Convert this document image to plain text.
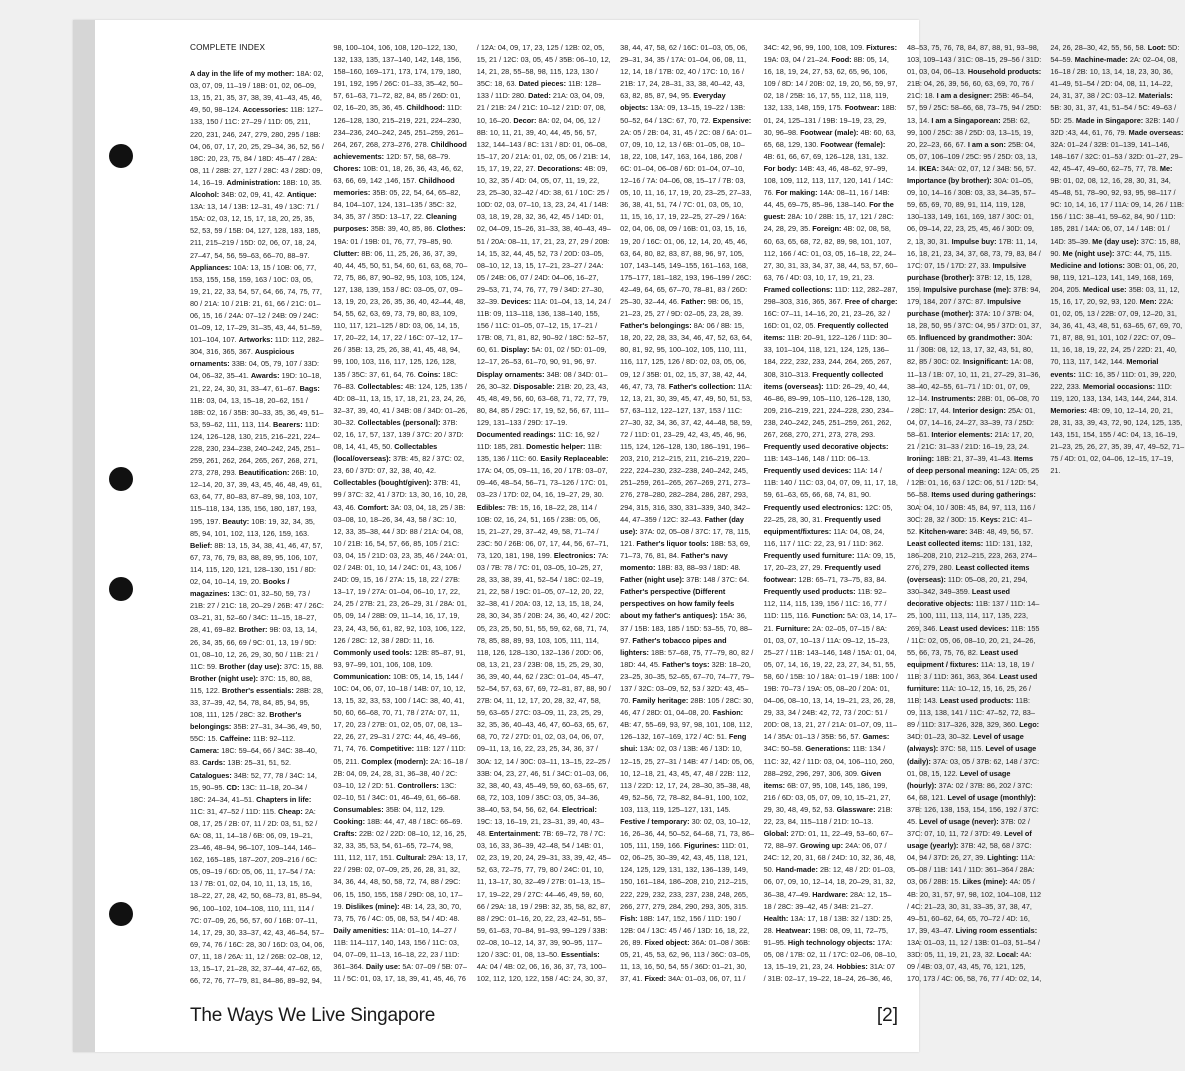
COMPLETE INDEX
A day in the life of my mother: 18A: 02, 03, 07, 09, 11–19 / 18B: 01, 02, 06–09, 13, 15, 21, 35, 37, 38, 39, 41–43, 45, 46, 49, 50, 98–124. Accessories: 11B: 127–133, 150 / 11C: 27–29 / 11D: 05, 211, 220, 231, 246, 247, 279, 280, 295 / 18B: 04, 06, 07, 17, 20, 25, 29–34, 36, 52, 56 / 18C: 20, 23, 75, 84 / 18D: 45–47 / 28A: 08, 11 / 28B: 27, 127 / 28C: 43 / 28D: 09, 14, 16–19. Administration: 18B: 10, 35. Alcohol: 34B: 02, 09, 41, 42. Antique: 13A: 13, 14 / 13B: 12–31, 49 / 13C: 71 / 15A: 02, 03, 12, 15, 17, 18, 20, 25, 35, 52, 53, 59 / 15B: 04, 127, 128, 183, 185, 211, 215–219 / 15D: 02, 06, 07, 18, 24, 27–47, 54, 56, 59–63, 66–70, 88–97. Appliances: 10A: 13, 15 / 10B: 06, 77, 153, 155, 158, 159, 163 / 10C: 03, 05, 19, 21, 22, 33, 54, 57, 64, 66, 74, 75, 77, 80 / 21A: 10 / 21B: 21, 61, 66 / 21C: 01–06, 15, 16 / 24A: 07–12 / 24B: 09 / 24C: 01–09, 12, 17–29, 31–35, 43, 44, 51–59, 101–104, 107. Artworks: 11D: 112, 282–304, 316, 365, 367. Auspicious ornaments: 33B: 04, 05, 79, 107 / 33D: 04, 06–32, 35–41. Awards: 19D: 10–18, 21, 22, 24, 30, 31, 33–47, 61–67. Bags: 11B: 03, 04, 13, 15–18, 20–62, 151 / 18B: 02, 16 / 35B: 30–33, 35, 36, 49, 51–53, 59–62, 111, 113, 114. Bearers: 11D: 124, 126–128, 130, 215, 216–221, 224–228, 230, 234–238, 240–242, 245, 251–259, 261, 262, 264, 265, 267, 268, 271, 273, 278, 293. Beautification: 26B: 10, 12–14, 20, 37, 39, 43, 45, 46, 48, 49, 61, 63, 64, 77, 80–83, 87–89, 98, 103, 107, 115–118, 134, 135, 156, 180, 187, 193, 195, 197. Beauty: 10B: 19, 32, 34, 35, 85, 94, 101, 102, 113, 126, 159, 163. Belief: 8B: 13, 15, 34, 38, 41, 46, 47, 57, 67, 73, 76, 79, 83, 88, 89, 95, 106, 107, 114, 115, 120, 121, 128–130, 151 / 8D: 02, 04, 10–14, 19, 20. Books / magazines: 13C: 01, 32–50, 59, 73 / 21B: 27 / 21C: 18, 20–29 / 26B: 47 / 26C: 03–21, 31, 52–60 / 34C: 11–15, 18–27, 28, 41, 69–82. Brother: 9B: 03, 13, 14, 26, 34, 35, 66, 69 / 9C: 01, 13, 19 / 9D: 01, 08–10, 12, 26, 29, 30, 50 / 11B: 21 / 11C: 59. Brother (day use): 37C: 15, 88. Brother (night use): 37C: 15, 80, 88, 115, 122. Brother's essentials: 28B: 28, 33, 37–39, 42, 54, 78, 84, 85, 94, 95, 108, 111, 125 / 28C: 32. Brother's belongings: 35B: 27–31, 34–36, 49, 50, 55C: 15. Caffeine: 11B: 92–112. Camera: 18C: 59–64, 66 / 34C: 38–40, 83. Cards: 13B: 25–31, 51, 52. Catalogues: 34B: 52, 77, 78 / 34C: 14, 15, 90–95. CD: 13C: 11–18, 20–34 / 18C: 24–34, 41–51. Chapters in life: 11C: 31, 47–52 / 11D: 115. Cheap: 2A: 08, 17, 25 / 2B: 07, 11 / 2D: 03, 51, 52 / 6A: 08, 11, 14–18 / 6B: 06, 09, 19–21, 23–46, 48–94, 96–107, 109–144, 146–162, 165–185, 187–207, 209–216 / 6C: 05, 09–19 / 6D: 05, 06, 11, 17–54 / 7A: 13 / 7B: 01, 02, 04, 10, 11, 13, 15, 16, 18–22, 27, 28, 42, 50, 68–73, 81, 85–94, 96, 100–102, 104–108, 110, 111, 114 / 7C: 07–09, 26, 56, 57, 60 / 16B: 07–11, 14, 17, 29, 30, 33–37, 42, 43, 46–54, 57–69, 74, 76 / 16C: 28, 30 / 16D: 03, 04, 06, 07, 11, 18 / 26A: 11, 12 / 26B: 02–08, 12, 13, 15–17, 21–28, 32, 37–44, 47–62, 65, 66, 72, 76, 77–79, 81, 84–86, 89–92, 94, 98, 100–104, 106, 108, 120–122, 130, 132, 133, 135, 137–140, 142, 148, 156, 158–160, 169–171, 173, 174, 179, 180, 191, 192, 195 / 26C: 01–33, 35–42, 50–57, 61–63, 71–72, 82, 84, 85 / 26D: 01, 02, 16–20, 35, 36, 45. Childhood: 11D: 126–128, 130, 215–219, 221, 224–230, 234–236, 240–242, 245, 251–259, 261–264, 267, 268, 273–276, 278. Childhood achievements: 12D: 57, 58, 68–79. Chores: 10B: 01, 18, 26, 36, 43, 46, 62, 63, 66, 69, 142 ,146, 157. Childhood memories: 35B: 05, 22, 54, 64, 65–82, 84, 104–107, 124, 131–135 / 35C: 32, 34, 35, 37 / 35D: 13–17, 22. Cleaning purposes: 35B: 39, 40, 85, 86. Clothes: 19A: 01 / 19B: 01, 76, 77, 79–85, 90. Clutter: 8B: 06, 11, 25, 26, 36, 37, 39, 40, 44, 45, 50, 51, 54, 60, 61, 63, 68, 70–72, 75, 86, 87, 90–92, 95, 103, 105, 124, 127, 138, 139, 153 / 8C: 03–05, 07, 09–13, 19, 20, 23, 26, 35, 36, 40, 42–44, 48, 54, 55, 62, 63, 69, 73, 79, 80, 83, 109, 110, 117, 121–125 / 8D: 03, 06, 14, 15, 17, 20–22, 14, 17, 22 / 16C: 07–12, 17–26 / 35B: 13, 25, 26, 38, 41, 45, 48, 94, 99, 100, 103, 116, 117, 125, 126, 128, 135 / 35C: 37, 61, 64, 76. Coins: 18C: 76–83. Collectables: 4B: 124, 125, 135 / 4D: 08–11, 13, 15, 17, 18, 21, 23, 24, 26, 32–37, 39, 40, 41 / 34B: 08 / 34D: 01–26, 30–32. Collectables (personal): 37B: 02, 16, 17, 57, 137, 139 / 37C: 20 / 37D: 08, 14, 41, 45, 50. Collectables (local/overseas): 37B: 45, 82 / 37C: 02, 23, 60 / 37D: 07, 32, 38, 40, 42. Collectables (bought/given): 37B: 41, 99 / 37C: 32, 41 / 37D: 13, 30, 16, 10, 28, 43, 46. Comfort: 3A: 03, 04, 18, 25 / 3B: 03–08, 10, 18–26, 34, 43, 58 / 3C: 10, 12, 33, 35–38, 44 / 3D: 88 / 21A: 04, 08, 10 / 21B: 16, 54, 57, 66, 85, 105 / 21C: 03, 04, 15 / 21D: 03, 23, 35, 46 / 24A: 01, 02 / 24B: 01, 10, 14 / 24C: 01, 43, 106 / 24D: 09, 15, 16 / 27A: 15, 18, 22 / 27B: 13–17, 19 / 27A: 01–04, 06–10, 17, 22, 24, 25 / 27B: 21, 23, 26–29, 31 / 28A: 01, 05, 09, 14 / 28B: 09, 11–14, 16, 17, 19, 23, 24, 43, 56, 61, 82, 92, 103, 106, 122, 126 / 28C: 12, 38 / 28D: 11, 16. Commonly used tools: 12B: 85–87, 91, 93, 97–99, 101, 106, 108, 109. Communication: 10B: 05, 14, 15, 144 / 10C: 04, 06, 07, 10–18 / 14B: 07, 10, 12, 13, 15, 32, 33, 53, 100 / 14C: 38, 40, 41, 50, 60, 66–68, 70, 71, 78 / 27A: 07, 11, 17, 20, 23 / 27B: 01, 02, 05, 07, 08, 13–22, 26, 27, 29–31 / 27C: 44, 46, 49–66, 71, 74, 76. Competitive: 11B: 127 / 11D: 05, 211. Complex (modern): 2A: 16–18 / 2B: 04, 09, 24, 28, 31, 36–38, 40 / 2C: 03–10, 12 / 2D: 51. Controllers: 13C: 02–10, 51 / 34C: 01, 46–49, 61, 66–68. Consumables: 35B: 04, 112, 129. Cooking: 18B: 44, 47, 48 / 18C: 66–69. Crafts: 22B: 02 / 22D: 08–10, 12, 16, 25, 32, 33, 35, 53, 54, 61–65, 72–74, 98, 111, 112, 117, 151. Cultural: 29A: 13, 17, 22 / 29B: 02, 07–09, 25, 26, 28, 31, 32, 34, 36, 44, 48, 50, 58, 72, 74, 88 / 29C: 06, 15, 150, 155, 158 / 29D: 08, 10, 17–19. Dislikes (mine): 4B: 14, 23, 30, 70, 73, 75, 76 / 4C: 05, 08, 53, 54 / 4D: 48. Daily amenities: 11A: 01–10, 14–27 / 11B: 114–117, 140, 143, 156 / 11C: 03, 04, 07–09, 11–13, 16–18, 22, 23 / 11D: 361–364. Daily use: 5A: 07–09 / 5B: 07–11 / 5C: 01, 03, 17, 18, 39, 41, 45, 46, 76 / 12A: 04, 09, 17, 23, 125 / 12B: 02, 05, 15, 21 / 12C: 03, 05, 45 / 35B: 06–10, 12, 14, 21, 28, 55–58, 98, 115, 123, 130 / 35C: 18, 63. Dated pieces: 11B: 128–133 / 11D: 280. Dated: 21A: 03, 04, 09, 21 / 21B: 24 / 21C: 10–12 / 21D: 07, 08, 10, 16–20. Decor: 8A: 02, 04, 06, 12 / 8B: 10, 11, 21, 39, 40, 44, 45, 56, 57, 132, 144–143 / 8C: 131 / 8D: 01, 06–08, 15–17, 20 / 21A: 01, 02, 05, 06 / 21B: 14, 15, 17, 19, 22, 27. Decorations: 4B: 09, 10, 32, 35 / 4D: 04, 05, 07, 11, 19, 22, 23, 25–30, 32–42 / 4D: 38, 61 / 10C: 25 / 10D: 02, 03, 07–10, 13, 23, 24, 41 / 14B: 03, 18, 19, 28, 32, 36, 42, 45 / 14D: 01, 02, 04–09, 15–26, 31–33, 38, 40–43, 49–51 / 20A: 08–11, 17, 21, 23, 27, 29 / 20B: 14, 15, 32, 44, 45, 52, 73 / 20D: 03–05, 08–10, 12, 13, 15, 17–21, 23–27 / 24A: 05 / 24B: 06, 07 / 24D: 04–06, 16–27, 29–53, 71, 74, 76, 77, 79 / 34D: 27–30, 32–39. Devices: 11A: 01–04, 13, 14, 24 / 11B: 09, 113–118, 136, 138–140, 155, 156 / 11C: 01–05, 07–12, 15, 17–21 / 17B: 08, 71, 81, 82, 90–92 / 18C: 52–57, 60, 61. Display: 5A: 01, 02 / 5D: 01–09, 12–17, 26–53, 61–70, 90, 91, 96, 97. Display ornaments: 34B: 08 / 34D: 01–26, 30–32. Disposable: 21B: 20, 23, 43, 45, 48, 49, 56, 60, 63–68, 71, 72, 77, 79, 80, 84, 85 / 29C: 17, 19, 52, 56, 67, 111–129, 131–133 / 29D: 17–19. Documented readings: 11C: 16, 92 / 11D: 185, 281. Domestic helper: 11B: 135, 136 / 11C: 60. Easily Replaceable: 17A: 04, 05, 09–11, 16, 20 / 17B: 03–07, 09–46, 48–54, 56–71, 73–126 / 17C: 01, 03–23 / 17D: 02, 04, 16, 19–27, 29, 30. Edibles: 7B: 15, 16, 18–22, 28, 114 / 10B: 02, 16, 24, 51, 165 / 23B: 05, 06, 15, 21–27, 29, 37–42, 49, 58, 71–74 / 23C: 50 / 26B: 06, 07, 17, 44, 56, 67–71, 73, 120, 181, 198, 199. Electronics: 7A: 03 / 7B: 78 / 7C: 01, 03–05, 10–25, 27, 28, 33, 38, 39, 41, 52–54 / 18C: 02–19, 21, 22, 58 / 19C: 01–05, 07–12, 20, 22, 32–38, 41 / 20A: 03, 12, 13, 15, 18, 24, 28, 30, 34, 35 / 20B: 24, 36, 40, 42 / 20C: 05, 23, 25, 50, 51, 55, 59, 62, 68, 71, 74, 78, 85, 88, 89, 93, 103, 105, 111, 114, 118, 126, 128–130, 132–136 / 20D: 06, 08, 13, 21, 23 / 23B: 08, 15, 25, 29, 30, 36, 39, 40, 44, 62 / 23C: 01–04, 45–47, 52–54, 57, 63, 67, 69, 72–81, 87, 88, 90 / 27B: 04, 11, 12, 17, 20, 28, 32, 47, 58, 59, 63–65 / 27C: 03–09, 11, 23, 25, 29, 32, 35, 36, 40–43, 46, 47, 60–63, 65, 67, 68, 70, 72 / 27D: 01, 02, 03, 04, 06, 07, 09–11, 13, 16, 22, 23, 25, 34, 36, 37 / 30A: 12, 14 / 30C: 03–11, 13–15, 22–25 / 33B: 04, 23, 27, 46, 51 / 34C: 01–03, 06, 32, 38, 40, 43, 45–49, 59, 60, 63–65, 67, 68, 72, 103, 109 / 35C: 03, 05, 34–36, 38–40, 53, 54, 56, 62, 64. Electrical: 19C: 13, 16–19, 21, 23–31, 39, 40, 43–48. Entertainment: 7B: 69–72, 78 / 7C: 03, 16, 33, 36–39, 42–48, 54 / 14B: 01, 02, 23, 19, 20, 24, 29–31, 33, 39, 42, 45–52, 63, 72–75, 77, 79, 80 / 24C: 01, 10, 11, 13–17, 30, 32–49 / 27B: 01–13, 15–17, 19–22, 29 / 27C: 44–46, 49, 59, 60, 66 / 29A: 18, 19 / 29B: 32, 35, 58, 82, 87, 88 / 29C: 01–16, 20, 22, 23, 42–51, 55–59, 61–63, 70–84, 91–93, 99–129 / 33B: 02–08, 10–12, 14, 37, 39, 90–95, 117–120 / 33C: 01, 08, 13–50. Essentials: 4A: 04 / 4B: 02, 06, 16, 36, 37, 73, 100–102, 112, 120, 122, 158 / 4C: 24, 30, 37, 38, 44, 47, 58, 62 / 16C: 01–03, 05, 06, 29–31, 34, 35 / 17A: 01–04, 06, 08, 11, 12, 14, 18 / 17B: 02, 40 / 17C: 10, 16 / 21B: 17, 24, 28–31, 33, 38, 40–42, 43, 63, 82, 85, 87, 94, 95. Everyday objects: 13A: 09, 13–15, 19–22 / 13B: 50–52, 64 / 13C: 67, 70, 72. Expensive: 2A: 05 / 2B: 04, 31, 45 / 2C: 08 / 6A: 01–07, 09, 10, 12, 13 / 6B: 01–05, 08, 10–18, 22, 108, 147, 163, 164, 186, 208 / 6C: 01–04, 06–08 / 6D: 01–04, 07–10, 12–16 / 7A: 04–06, 08, 15–17 / 7B: 03, 05, 10, 11, 16, 17, 19, 20, 23–25, 27–33, 36, 38, 41, 51, 74 / 7C: 01, 03, 05, 10, 11, 15, 16, 17, 19, 22–25, 27–29 / 16A: 02, 04, 06, 08, 09 / 16B: 01, 03, 15, 16, 19, 20 / 16C: 01, 06, 12, 14, 20, 45, 46, 63, 64, 80, 82, 83, 87, 88, 96, 97, 105, 107, 143–145, 149–155, 161–163, 168, 175–177, 181–182, 193, 196–199 / 26C: 42–49, 64, 65, 67–70, 78–81, 83 / 26D: 25–30, 32–44, 46. Father: 9B: 06, 15, 21–23, 25, 27 / 9D: 02–05, 23, 28, 39. Father's belongings: 8A: 06 / 8B: 15, 18, 20, 22, 28, 33, 34, 46, 47, 52, 63, 64, 80, 81, 92, 95, 100–102, 105, 110, 111, 116, 117, 125, 126 / 8D: 02, 03, 05, 06, 09, 12 / 35B: 01, 02, 15, 37, 38, 42, 44, 46, 47, 73, 78. Father's collection: 11A: 12, 13, 21, 30, 39, 45, 47, 49, 50, 51, 53, 57, 63–112, 122–127, 137, 153 / 11C: 27–30, 32, 34, 36, 37, 42, 44–48, 58, 59, 72 / 11D: 01, 23–29, 42, 43, 45, 46, 96, 115, 124, 126–128, 130, 186–191, 196–203, 210, 212–215, 211, 216–219, 220–222, 224–230, 232–238, 240–242, 245, 251–259, 261–265, 267–269, 271, 273–276, 278–280, 282–284, 286, 287, 293, 294, 315, 316, 330, 331–339, 340, 342–44, 47–359 / 12C: 32–43. Father (day use): 37A: 02, 05–08 / 37C: 17, 78, 115, 121. Father's liquor tools: 18B: 53, 69, 71–73, 76, 81, 84. Father's navy momento: 18B: 83, 88–93 / 18D: 48. Father (night use): 37B: 148 / 37C: 64. Father's perspective (Different perspectives on how family feels about my father's antiques): 15A: 36, 37 / 15B: 183, 185 / 15D: 53–55, 70, 88–97. Father's tobacco pipes and lighters: 18B: 57–68, 75, 77–79, 80, 82 / 18D: 44, 45. Father's toys: 32B: 18–20, 23–25, 30–35, 52–65, 67–70, 74–77, 79–137 / 32C: 03–09, 52, 53 / 32D: 43, 45–70. Family heritage: 28B: 105 / 28C: 30, 46, 47 / 28D: 01, 04–08, 20. Fashion: 4B: 47, 55–69, 93, 97, 98, 101, 108, 112, 126–132, 167–169, 172 / 4C: 51. Feng shui: 13A: 02, 03 / 13B: 46 / 13D: 10, 12–15, 25, 27–31 / 14B: 47 / 14D: 05, 06, 10, 12–18, 21, 43, 45, 47, 48 / 22B: 112, 113 / 22D: 12, 17, 24, 28–30, 35–38, 48, 49, 52–56, 72, 78–82, 84–91, 100, 102, 103, 113, 119, 125–127, 131, 145. Festive / temporary: 30: 02, 03, 10–12, 16, 26–36, 44, 50–52, 64–68, 71, 73, 86–105, 111, 159, 166. Figurines: 11D: 01, 02, 06–25, 30–39, 42, 43, 45, 118, 121, 124, 125, 129, 131, 132, 136–139, 149, 150, 161–184, 186–208, 210, 212–215, 222, 229, 232, 233, 237, 238, 248, 265, 266, 277, 279, 284, 290, 293, 305, 315. Fish: 18B: 147, 152, 156 / 11D: 190 / 12B: 04 / 13C: 45 / 46 / 13D: 16, 18, 22, 26, 89. Fixed object: 36A: 01–08 / 36B: 05, 21, 45, 53, 62, 96, 113 / 36C: 03–05, 11, 13, 16, 50, 54, 55 / 36D: 01–21, 30, 37, 41. Fixed: 34A: 01–03, 06, 07, 11 / 34C: 42, 96, 99, 100, 108, 109. Fixtures: 19A: 03, 04 / 21–24. Food: 8B: 05, 14, 16, 18, 19, 24, 27, 53, 62, 65, 96, 106, 109 / 8D: 14 / 20B: 02, 19, 20, 56, 59, 97, 02, 18 / 25B: 16, 17, 55, 112, 118, 119, 132, 133, 148, 159, 175. Footwear: 18B: 01, 24, 125–131 / 19B: 19–19, 23, 29, 30, 96–98. Footwear (male): 4B: 60, 63, 65, 68, 129, 130. Footwear (female): 4B: 61, 66, 67, 69, 126–128, 131, 132. For body: 14B: 43, 46, 48–62, 97–99, 108, 109, 112, 113, 117, 120, 141 / 14C: 76. For making: 14A: 08–11, 16 / 14B: 44, 45, 69–75, 85–96, 138–140. For the guest: 28A: 10 / 28B: 15, 17, 121 / 28C: 24, 28, 29, 35. Foreign: 4B: 02, 08, 58, 60, 63, 65, 68, 72, 82, 89, 98, 101, 107, 112, 166 / 4C: 01, 03, 05, 16–18, 22, 24–27, 30, 31, 33, 34, 37, 38, 44, 53, 57, 60–63, 76 / 4D: 03, 10, 17, 19, 21, 23. Framed collections: 11D: 112, 282–287, 298–303, 316, 365, 367. Free of charge: 16C: 07–11, 14–16, 20, 21, 23–26, 32 / 16D: 01, 02, 05. Frequently collected items: 11B: 20–91, 122–126 / 11D: 30–33, 101–104, 118, 121, 124, 125, 136–184, 222, 232, 233, 244, 264, 265, 267, 308, 310–313. Frequently collected items (overseas): 11D: 26–29, 40, 44, 46–86, 89–99, 105–110, 126–128, 130, 209, 216–219, 221, 224–228, 230, 234–238, 240–242, 245, 251–259, 261, 262, 267, 268, 270, 271, 273, 278, 293. Frequently used decorative objects: 11B: 143–146, 148 / 11D: 06–13. Frequently used devices: 11A: 14 / 11B: 140 / 11C: 03, 04, 07, 09, 11, 17, 18, 59, 61–63, 65, 66, 68, 74, 81, 90. Frequently used electronics: 12C: 05, 22–25, 28, 30, 31. Frequently used equipment/fixtures: 11A: 04, 08, 24, 116, 117 / 11C: 22, 23, 91 / 11D: 362. Frequently used furniture: 11A: 09, 15, 17, 20–23, 27, 29. Frequently used footwear: 12B: 65–71, 73–75, 83, 84. Frequently used products: 11B: 92–112, 114, 115, 139, 156 / 11C: 16, 77 / 11D: 115, 116. Function: 5A: 03, 14, 17–21. Furniture: 2A: 02–05, 07–15 / 8A: 01, 03, 07, 10–13 / 11A: 09–12, 15–23, 25–27 / 11B: 143–146, 148 / 15A: 01, 04, 05, 07, 14, 16, 19, 22, 23, 27, 34, 51, 55, 58, 60 / 15B: 10 / 18A: 01–19 / 18B: 100 / 19B: 70–73 / 19A: 05, 08–20 / 20A: 01, 04–06, 08–10, 13, 14, 19–21, 23, 26, 28, 29, 33, 34 / 24B: 42, 72, 73 / 20C: 51 / 20D: 08, 13, 21, 27 / 21A: 01–07, 09, 11–14 / 35A: 01–13 / 35B: 56, 57. Games: 34C: 50–58. Generations: 11B: 134 / 11C: 32, 42 / 11D: 03, 04, 106–110, 260, 288–292, 296, 297, 306, 309. Given items: 6B: 07, 95, 108, 145, 186, 199, 216 / 6D: 03, 05, 07, 09, 10, 15–21, 27, 29, 30, 48, 49, 52, 53. Glassware: 21B: 22, 23, 84, 115–118 / 21D: 10–13. Global: 27D: 01, 11, 22–49, 53–60, 67–72, 88–97. Growing up: 24A: 06, 07 / 24C: 12, 20, 31, 68 / 24D: 10, 32, 36, 48, 50. Hand-made: 2B: 12, 48 / 2D: 01–03, 06, 07, 09, 10, 12–14, 18, 20–29, 31, 32, 36–38, 47–49. Hardware: 28A: 12, 15–18 / 28C: 39–42, 45 / 34B: 21–27. Health: 13A: 17, 18 / 13B: 32 / 13D: 25, 28. Heatwear: 19B: 08, 09, 11, 72–75, 91–95. High technology objects: 17A: 05, 08 / 17B: 02, 11 / 17C: 02–06, 08–10, 13, 15–19, 21, 23, 24. Hobbies: 31A: 07 / 31B: 02–17, 19–22, 18–24, 26–36, 46, 48–53, 75, 76, 78, 84, 87, 88, 91, 93–98, 103, 109–143 / 31C: 08–15, 29–56 / 31D: 01, 03, 04, 06–13. Household products: 21B: 04, 26, 39, 56, 60, 63, 69, 70, 76 / 21C: 18. I am a designer: 25B: 46–54, 57, 59 / 25C: 58–66, 68, 73–75, 94 / 25D: 13, 14. I am a Singaporean: 25B: 62, 99, 100 / 25C: 38 / 25D: 03, 13–15, 19, 20, 22–23, 66, 67. I am a son: 25B: 04, 05, 07, 106–109 / 25C: 95 / 25D: 03, 13, 14. IKEA: 34A: 02, 07, 12 / 34B: 56, 57. Importance (by brother): 30A: 01–05, 09, 10, 14–16 / 30B: 03, 33, 34–35, 57–59, 65, 69, 70, 89, 91, 114, 119, 128, 130–133, 149, 161, 169, 187 / 30C: 01, 06, 09–14, 22, 23, 25, 45, 46 / 30D: 09, 2, 13, 30, 31. Impulse buy: 17B: 11, 14, 16, 18, 21, 23, 34, 37, 68, 73, 79, 83, 84 / 17C: 07, 15 / 17D: 27, 33. Impulsive purchase (brother): 37B: 12, 15, 128, 159. Impulsive purchase (me): 37B: 94, 179, 184, 207 / 37C: 87. Impulsive purchase (mother): 37A: 10 / 37B: 04, 18, 28, 50, 95 / 37C: 04, 95 / 37D: 01, 37, 65. Influenced by grandmother: 30A: 11 / 30B: 08, 12, 13, 17, 32, 43, 51, 80, 82, 85 / 30C: 02. Insignificant: 1A: 08, 11–13 / 1B: 07, 10, 11, 21, 27–29, 31–36, 38–40, 42–55, 61–71 / 1D: 01, 07, 09, 12–14. Instruments: 28B: 01, 06–08, 70 / 28C: 17, 44. Interior design: 25A: 01, 04, 07, 14–16, 24–27, 33–39, 73 / 25D: 58–61. Interior elements: 21A: 17, 20, 21 / 21C: 31–33 / 21D: 16–19, 23, 24. Ironing: 18B: 21, 37–39, 41–43. Items of deep personal meaning: 12A: 05, 25 / 12B: 01, 16, 63 / 12C: 06, 51 / 12D: 54, 56–58. Items used during gatherings: 30A: 04, 10 / 30B: 45, 84, 97, 113, 116 / 30C: 28, 32 / 30D: 15. Keys: 21C: 41–52. Kitchen-ware: 34B: 48, 49, 56, 57. Least collected items: 11D: 131, 132, 186–208, 210, 212–215, 223, 263, 274–276, 279, 280. Least collected items (overseas): 11D: 05–08, 20, 21, 294, 330–342, 349–359. Least used decorative objects: 11B: 137 / 11D: 14–25, 100, 111, 113, 114, 117, 135, 223, 269, 346. Least used devices: 11B: 155 / 11C: 02, 05, 06, 08–10, 20, 21, 24–26, 55, 66, 73, 75, 76, 82. Least used equipment / fixtures: 11A: 13, 18, 19 / 11B: 3 / 11D: 361, 363, 364. Least used furniture: 11A: 10–12, 15, 16, 25, 26 / 11B: 143. Least used products: 11B: 09, 113, 138, 141 / 11C: 47–52, 72, 83–89 / 11D: 317–326, 328, 329, 360. Lego: 34D: 01–23, 30–32. Level of usage (always): 37C: 58, 115. Level of usage (daily): 37A: 03, 05 / 37B: 62, 148 / 37C: 01, 08, 15, 122. Level of usage (hourly): 37A: 02 / 37B: 86, 202 / 37C: 64, 68, 121. Level of usage (monthly): 37B: 126, 138, 153, 154, 156, 192 / 37C: 45. Level of usage (never): 37B: 02 / 37C: 07, 10, 11, 72 / 37D: 49. Level of usage (yearly): 37B: 42, 58, 68 / 37C: 04, 94 / 37D: 26, 27, 39. Lighting: 11A: 05–08 / 11B: 141 / 11D: 361–364 / 28A: 03, 06 / 28B: 15. Likes (mine): 4A: 05 / 4B: 20, 31, 57, 97, 98, 102, 104–108, 112 / 4C: 21–23, 30, 31, 33–35, 37, 38, 47, 49–51, 60–62, 64, 65, 70–72 / 4D: 16, 17, 39, 43–47. Living room essentials: 13A: 01–03, 11, 12 / 13B: 01–03, 51–54 / 33D: 05, 11, 19, 21, 23, 32. Local: 4A: 09 / 4B: 03, 07, 43, 45, 76, 121, 125, 170, 173 / 4C: 06, 58, 76, 77 / 4D: 02, 14, 24, 26, 28–30, 42, 55, 56, 58. Loot: 5D: 54–59. Machine-made: 2A: 02–04, 08, 16–18 / 2B: 10, 13, 14, 18, 23, 30, 36, 41–49, 51–54 / 2D: 04, 08, 11, 14–22, 24, 31, 37, 38 / 2C: 03–12. Materials: 5B: 30, 31, 37, 41, 51–54 / 5C: 49–63 / 5D: 25. Made in Singapore: 32B: 140 / 32D :43, 44, 61, 76, 79. Made overseas: 32A: 01–24 / 32B: 01–139, 141–146, 148–167 / 32C: 01–53 / 32D: 01–27, 29–42, 45–47, 49–60, 62–75, 77, 78. Me: 9B: 01, 02, 08, 12, 16, 28, 30, 31, 34, 45–48, 51, 78–90, 92, 93, 95, 98–117 / 9C: 10, 14, 16, 17 / 11A: 09, 14, 26 / 11B: 156 / 11C: 38–41, 59–62, 84, 90 / 11D: 185, 281 / 14A: 06, 07, 14 / 14B: 01 / 14D: 35–39. Me (day use): 37C: 15, 88, 90. Me (night use): 37C: 44, 75, 115. Medicine and lotions: 30B: 01, 06, 20, 98, 119, 121–123, 141, 149, 168, 169, 204, 205. Medical use: 35B: 03, 11, 12, 15, 16, 17, 20, 92, 93, 120. Men: 22A: 01, 02, 05, 13 / 22B: 07, 09, 12–20, 31, 34, 36, 41, 43, 48, 51, 63–65, 67, 69, 70, 71, 87, 88, 91, 101, 102 / 22C: 07, 09–11, 16, 18, 19, 22, 24, 25 / 22D: 21, 40, 70, 113, 117, 142, 144. Memorial events: 11C: 16, 35 / 11D: 01, 39, 220, 222, 233. Memorial occasions: 11D: 119, 120, 133, 134, 143, 144, 244, 314. Memories: 4B: 09, 10, 12–14, 20, 21, 28, 31, 33, 39, 43, 72, 90, 124, 125, 135, 143, 151, 154, 155 / 4C: 04, 13, 16–19, 21–23, 25, 26, 27, 35, 39, 47, 49–52, 71–75 / 4D: 01, 02, 04–06, 12–15, 17–19, 21.
The Ways We Live Singapore	[2]
